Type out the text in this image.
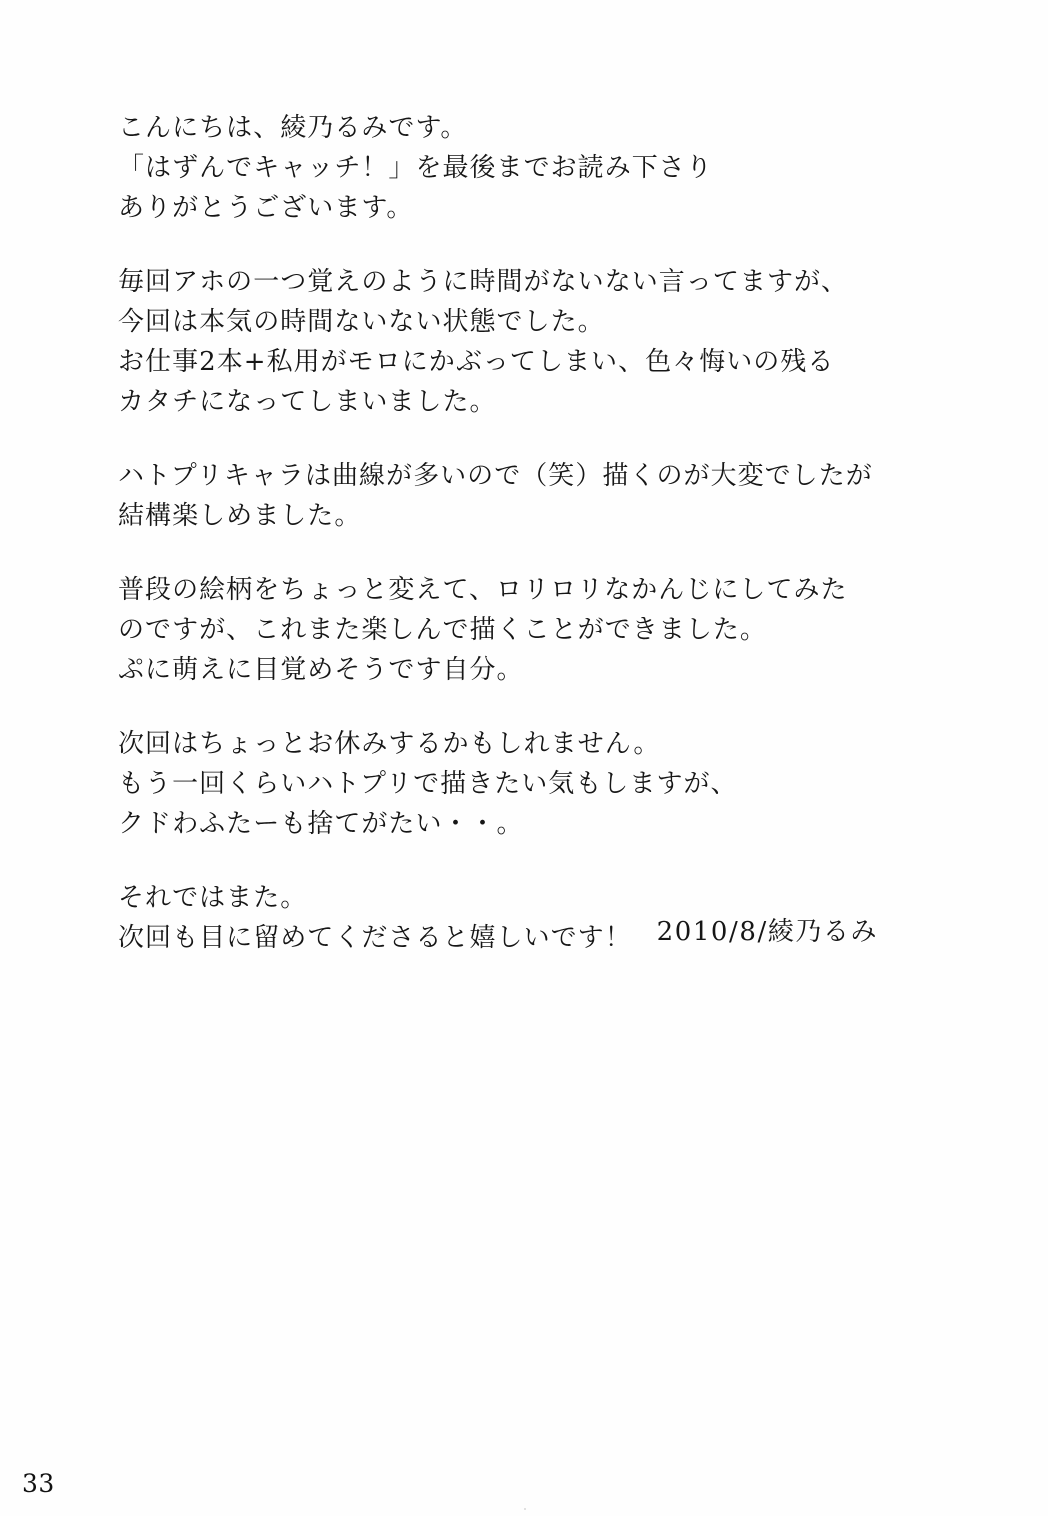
こんにちは、綾乃るみです。
「はずんでキャッチ！」を最後までお読み下さり
ありがとうございます。
毎回アホの一つ覚えのように時間がないない言ってますが、
今回は本気の時間ないない状態でした。
お仕事2本+私用がモロにかぶってしまい、色々悔いの残る
カタチになってしまいました。
ハトプリキャラは曲線が多いので（笑）描くのが大変でしたが
結構楽しめました。
普段の絵柄をちょっと変えて、ロリロリなかんじにしてみた
のですが、これまた楽しんで描くことができました。
ぷに萌えに目覚めそうです自分。
次回はちょっとお休みするかもしれません。
もう一回くらいハトプリで描きたい気もしますが、
クドわふたーも捨てがたい・・。
それではまた。
次回も目に留めてくださると嬉しいです！ 2010/8/綾乃るみ
33
